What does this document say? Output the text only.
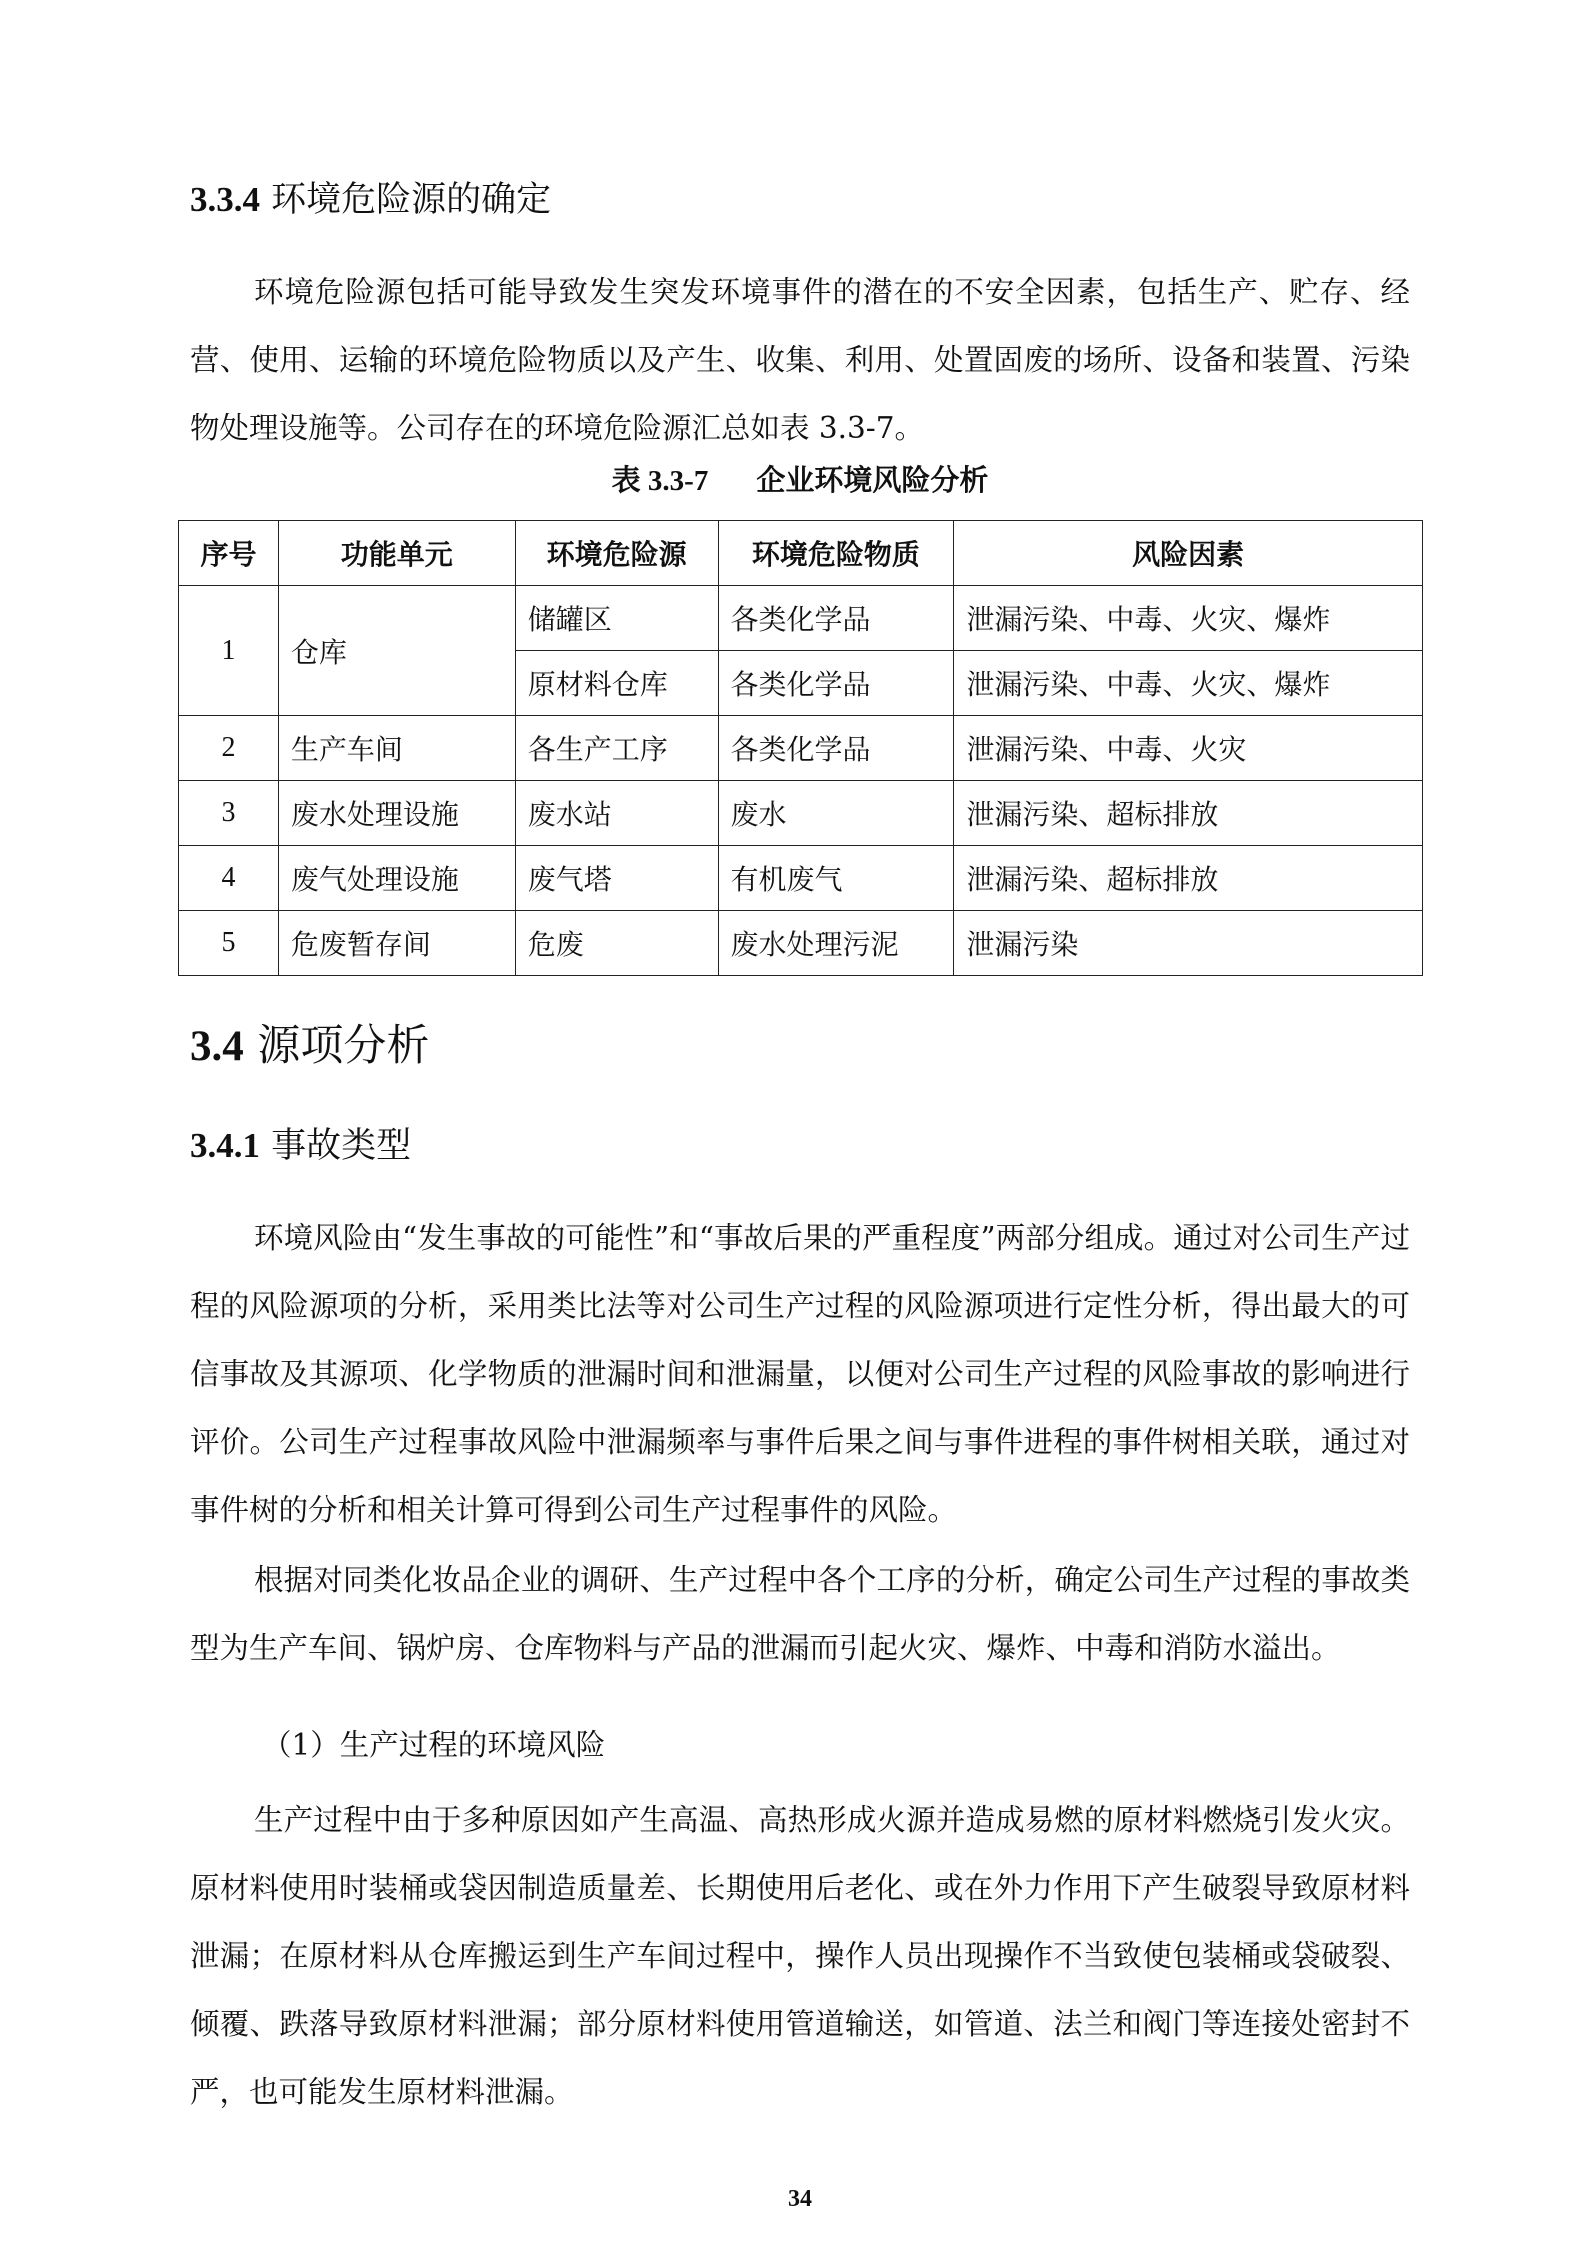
3.3.4 环境危险源的确定

环境危险源包括可能导致发生突发环境事件的潜在的不安全因素，包括生产、贮存、经营、使用、运输的环境危险物质以及产生、收集、利用、处置固废的场所、设备和装置、污染物处理设施等。公司存在的环境危险源汇总如表 3.3-7。

表 3.3-7 企业环境风险分析
序号	功能单元	环境危险源	环境危险物质	风险因素
1	仓库	储罐区	各类化学品	泄漏污染、中毒、火灾、爆炸
		原材料仓库	各类化学品	泄漏污染、中毒、火灾、爆炸
2	生产车间	各生产工序	各类化学品	泄漏污染、中毒、火灾
3	废水处理设施	废水站	废水	泄漏污染、超标排放
4	废气处理设施	废气塔	有机废气	泄漏污染、超标排放
5	危废暂存间	危废	废水处理污泥	泄漏污染
3.4 源项分析
3.4.1 事故类型

环境风险由“发生事故的可能性”和“事故后果的严重程度”两部分组成。通过对公司生产过程的风险源项的分析，采用类比法等对公司生产过程的风险源项进行定性分析，得出最大的可信事故及其源项、化学物质的泄漏时间和泄漏量，以便对公司生产过程的风险事故的影响进行评价。公司生产过程事故风险中泄漏频率与事件后果之间与事件进程的事件树相关联，通过对事件树的分析和相关计算可得到公司生产过程事件的风险。

根据对同类化妆品企业的调研、生产过程中各个工序的分析，确定公司生产过程的事故类型为生产车间、锅炉房、仓库物料与产品的泄漏而引起火灾、爆炸、中毒和消防水溢出。

（1）生产过程的环境风险

生产过程中由于多种原因如产生高温、高热形成火源并造成易燃的原材料燃烧引发火灾。原材料使用时装桶或袋因制造质量差、长期使用后老化、或在外力作用下产生破裂导致原材料泄漏；在原材料从仓库搬运到生产车间过程中，操作人员出现操作不当致使包装桶或袋破裂、倾覆、跌落导致原材料泄漏；部分原材料使用管道输送，如管道、法兰和阀门等连接处密封不严，也可能发生原材料泄漏。

34
